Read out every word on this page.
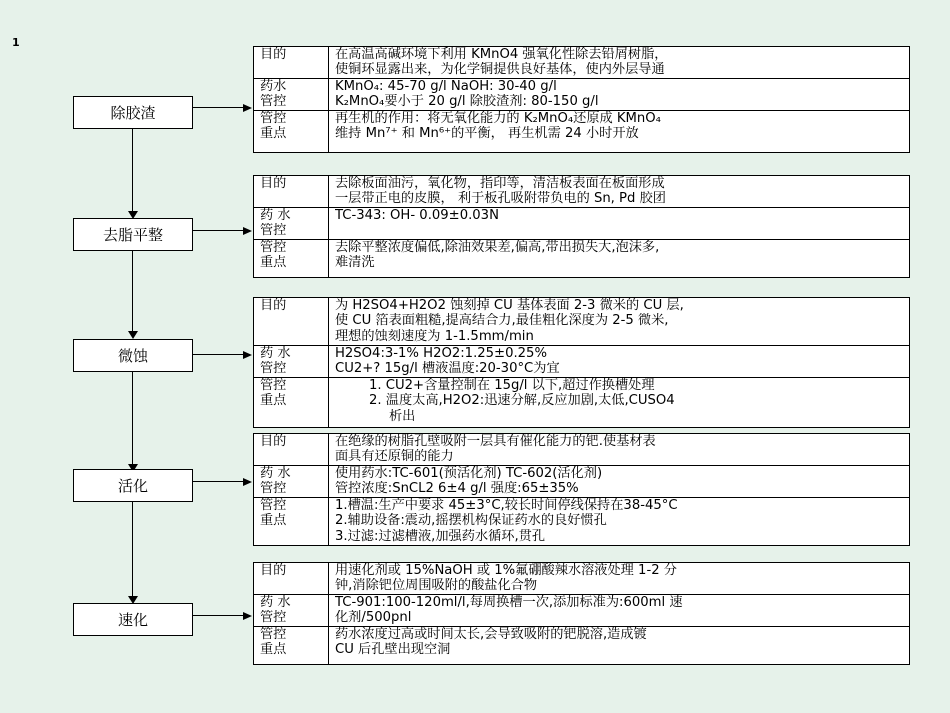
1
除胶渣
目的	在高温高碱环境下利用 KMnO4 强氧化性除去铅屑树脂，
使铜环显露出来，为化学铜提供良好基体，使内外层导通

药水
管控	KMnO₄: 45-70 g/l NaOH: 30-40 g/l
K₂MnO₄要小于 20 g/l 除胶渣剂: 80-150 g/l

管控
重点	再生机的作用：将无氧化能力的 K₂MnO₄还原成 KMnO₄
维持 Mn⁷⁺ 和 Mn⁶⁺的平衡， 再生机需 24 小时开放
去脂平整
目的	去除板面油污，氧化物，指印等，清洁板表面在板面形成
一层带正电的皮膜， 利于板孔吸附带负电的 Sn, Pd 胶团

药 水
管控	TC-343: OH- 0.09±0.03N

管控
重点	去除平整浓度偏低,除油效果差,偏高,带出损失大,泡沫多,
难清洗
微蚀
目的	为 H2SO4+H2O2 蚀刻掉 CU 基体表面 2-3 微米的 CU 层,
使 CU 箔表面粗糙,提高结合力,最佳粗化深度为 2-5 微米,
理想的蚀刻速度为 1-1.5mm/min

药 水
管控	H2SO4:3-1% H2O2:1.25±0.25%
CU2+? 15g/l 槽液温度:20-30°C为宜

管控
重点	1. CU2+含量控制在 15g/l 以下,超过作换槽处理
2. 温度太高,H2O2:迅速分解,反应加剧,太低,CUSO4
析出
活化
目的	在绝缘的树脂孔壁吸附一层具有催化能力的钯.使基材表
面具有还原铜的能力

药 水
管控	使用药水:TC-601(预活化剂) TC-602(活化剂)
管控浓度:SnCL2 6±4 g/l 强度:65±35%

管控
重点	1.槽温:生产中要求 45±3°C,较长时间停线保持在38-45°C
2.辅助设备:震动,摇摆机构保证药水的良好惯孔
3.过滤:过滤槽液,加强药水循环,贯孔
速化
目的	用速化剂或 15%NaOH 或 1%氟硼酸辣水溶液处理 1-2 分
钟,消除钯位周围吸附的酸盐化合物

药 水
管控	TC-901:100-120ml/l,每周换槽一次,添加标准为:600ml 速
化剂/500pnl

管控
重点	药水浓度过高或时间太长,会导致吸附的钯脱溶,造成镀
CU 后孔壁出现空洞
